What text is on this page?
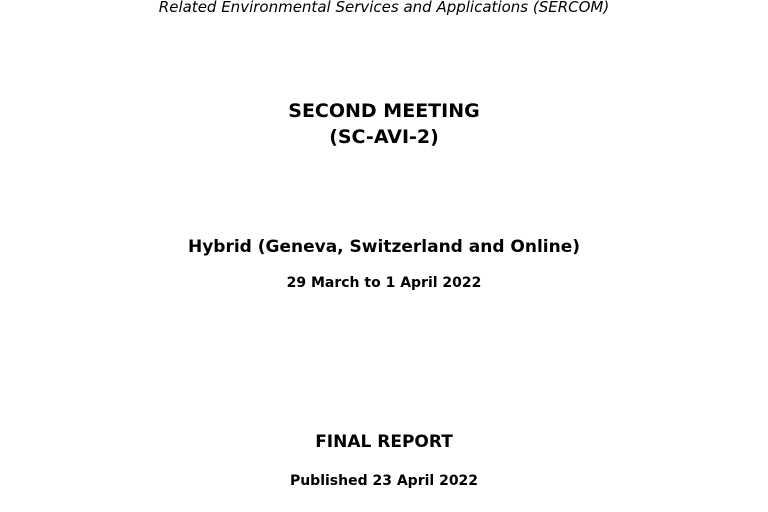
Related Environmental Services and Applications (SERCOM)

SECOND MEETING
(SC-AVI-2)
Hybrid (Geneva, Switzerland and Online)

29 March to 1 April 2022

FINAL REPORT

Published 23 April 2022
